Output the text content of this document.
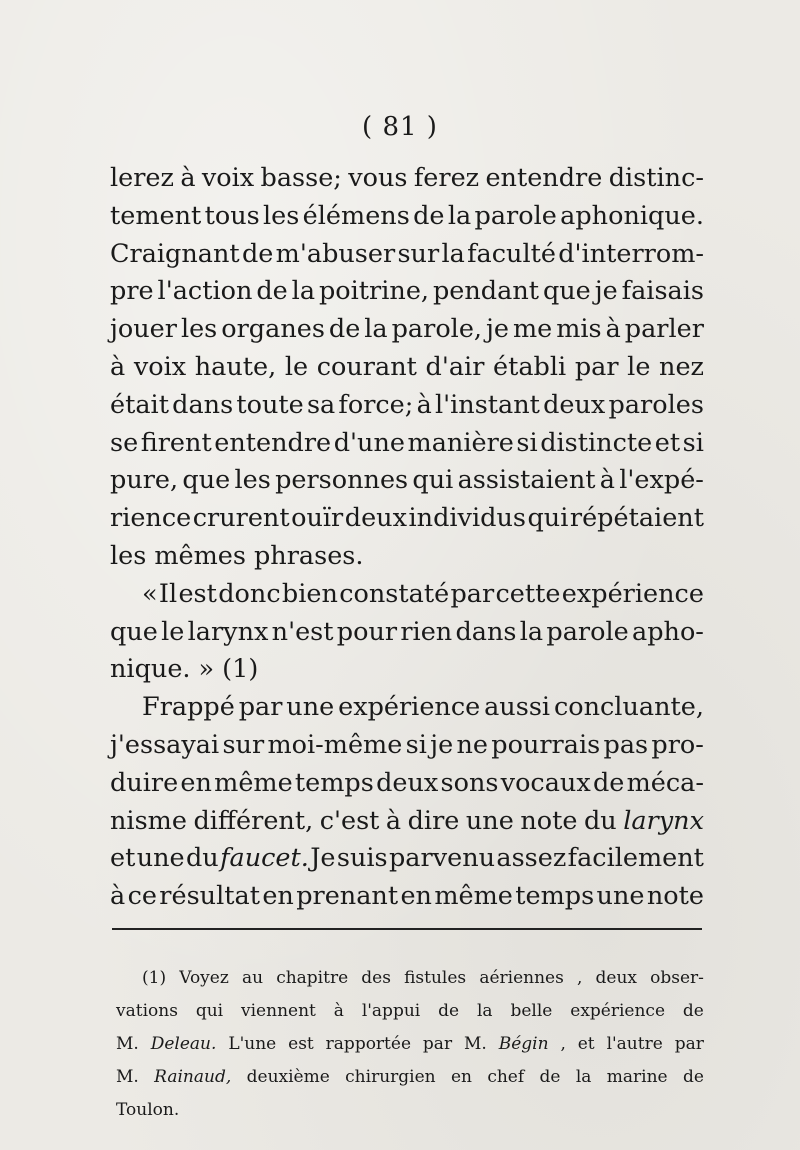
( 81 )
lerez à voix basse; vous ferez entendre distinc-
tement tous les élémens de la parole aphonique.
Craignant de m'abuser sur la faculté d'interrom-
pre l'action de la poitrine, pendant que je faisais
jouer les organes de la parole, je me mis à parler
à voix haute, le courant d'air établi par le nez
était dans toute sa force; à l'instant deux paroles
se firent entendre d'une manière si distincte et si
pure, que les personnes qui assistaient à l'expé-
rience crurent ouïr deux individus qui répétaient
les mêmes phrases.
« Il est donc bien constaté par cette expérience
que le larynx n'est pour rien dans la parole apho-
nique. » (1)
Frappé par une expérience aussi concluante,
j'essayai sur moi-même si je ne pourrais pas pro-
duire en même temps deux sons vocaux de méca-
nisme différent, c'est à dire une note du larynx
et une du faucet. Je suis parvenu assez facilement
à ce résultat en prenant en même temps une note
(1) Voyez au chapitre des fistules aériennes , deux obser-
vations qui viennent à l'appui de la belle expérience de
M. Deleau. L'une est rapportée par M. Bégin , et l'autre par
M. Rainaud, deuxième chirurgien en chef de la marine de
Toulon.
